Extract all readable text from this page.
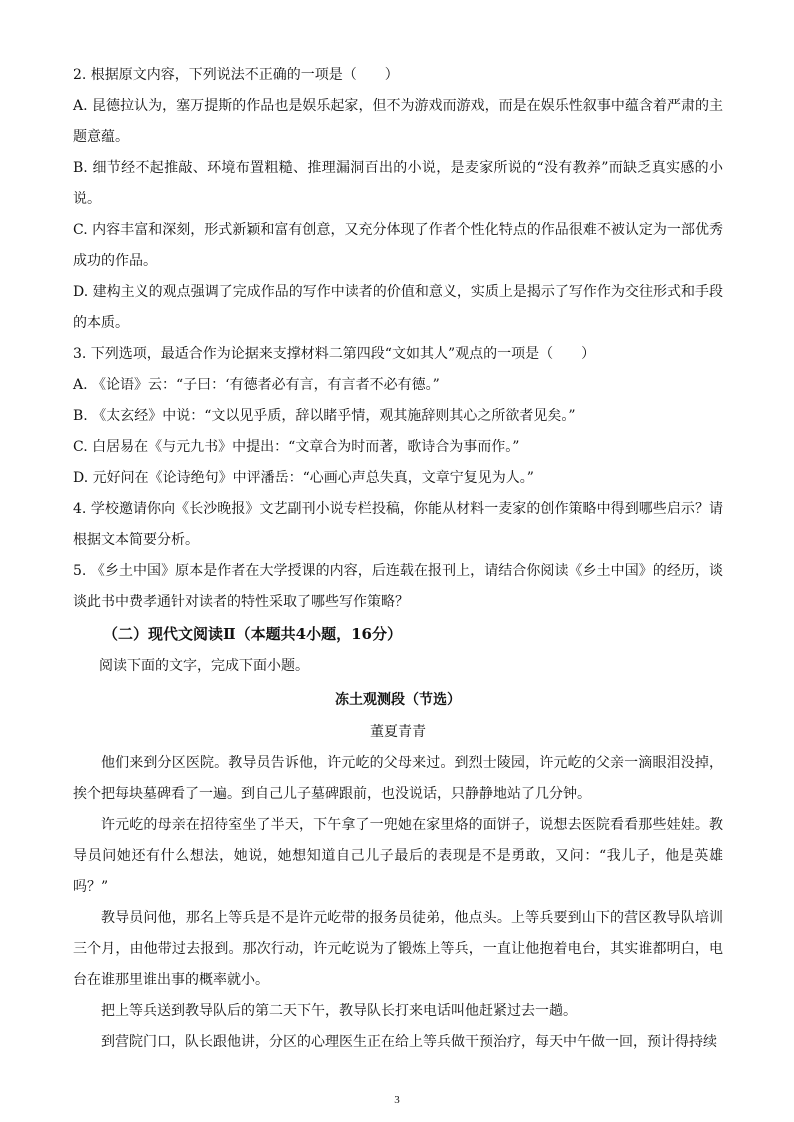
2. 根据原文内容，下列说法不正确的一项是（　　）

A. 昆德拉认为，塞万提斯的作品也是娱乐起家，但不为游戏而游戏，而是在娱乐性叙事中蕴含着严肃的主题意蕴。

B. 细节经不起推敲、环境布置粗糙、推理漏洞百出的小说，是麦家所说的“没有教养”而缺乏真实感的小说。

C. 内容丰富和深刻，形式新颖和富有创意，又充分体现了作者个性化特点的作品很难不被认定为一部优秀成功的作品。

D. 建构主义的观点强调了完成作品的写作中读者的价值和意义，实质上是揭示了写作作为交往形式和手段的本质。

3. 下列选项，最适合作为论据来支撑材料二第四段“文如其人”观点的一项是（　　）

A. 《论语》云：“子曰：‘有德者必有言，有言者不必有德。”

B. 《太玄经》中说：“文以见乎质，辞以睹乎情，观其施辞则其心之所欲者见矣。”

C. 白居易在《与元九书》中提出：“文章合为时而著，歌诗合为事而作。”

D. 元好问在《论诗绝句》中评潘岳：“心画心声总失真，文章宁复见为人。”

4. 学校邀请你向《长沙晚报》文艺副刊小说专栏投稿，你能从材料一麦家的创作策略中得到哪些启示？请根据文本简要分析。

5. 《乡土中国》原本是作者在大学授课的内容，后连载在报刊上，请结合你阅读《乡土中国》的经历，谈谈此书中费孝通针对读者的特性采取了哪些写作策略？

（二）现代文阅读Ⅱ（本题共4小题，16分）

阅读下面的文字，完成下面小题。

冻土观测段（节选）

董夏青青

他们来到分区医院。教导员告诉他，许元屹的父母来过。到烈士陵园，许元屹的父亲一滴眼泪没掉，挨个把每块墓碑看了一遍。到自己儿子墓碑跟前，也没说话，只静静地站了几分钟。

许元屹的母亲在招待室坐了半天，下午拿了一兜她在家里烙的面饼子，说想去医院看看那些娃娃。教导员问她还有什么想法，她说，她想知道自己儿子最后的表现是不是勇敢，又问：“我儿子，他是英雄吗？”

教导员问他，那名上等兵是不是许元屹带的报务员徒弟，他点头。上等兵要到山下的营区教导队培训三个月，由他带过去报到。那次行动，许元屹说为了锻炼上等兵，一直让他抱着电台，其实谁都明白，电台在谁那里谁出事的概率就小。

把上等兵送到教导队后的第二天下午，教导队长打来电话叫他赶紧过去一趟。

到营院门口，队长跟他讲，分区的心理医生正在给上等兵做干预治疗，每天中午做一回，预计得持续

3
